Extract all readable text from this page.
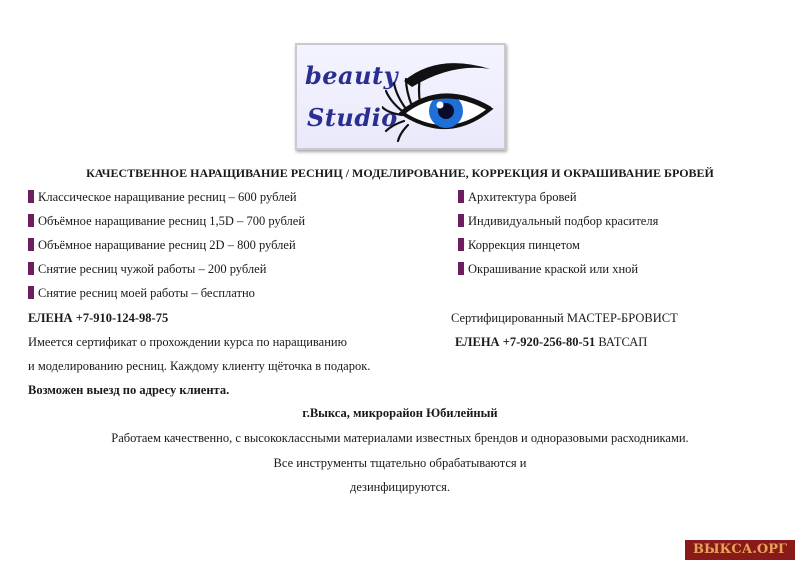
beauty
Studio
КАЧЕСТВЕННОЕ НАРАЩИВАНИЕ РЕСНИЦ / МОДЕЛИРОВАНИЕ, КОРРЕКЦИЯ И ОКРАШИВАНИЕ БРОВЕЙ
Классическое наращивание ресниц – 600 рублей
Объёмное наращивание ресниц 1,5D – 700 рублей
Объёмное наращивание ресниц 2D – 800 рублей
Снятие ресниц чужой работы – 200 рублей
Снятие ресниц моей работы – бесплатно
Архитектура бровей
Индивидуальный подбор красителя
Коррекция пинцетом
Окрашивание краской или хной
ЕЛЕНА +7-910-124-98-75
Имеется сертификат о прохождении курса по наращиванию
и моделированию ресниц. Каждому клиенту щёточка в подарок.
Возможен выезд по адресу клиента.
Сертифицированный МАСТЕР-БРОВИСТ
ЕЛЕНА +7-920-256-80-51 ВАТСАП
г.Выкса, микрорайон Юбилейный
Работаем качественно, с высококлассными материалами известных брендов и одноразовыми расходниками.
Все инструменты тщательно обрабатываются и
дезинфицируются.
ВЫКСА.ОРГ
